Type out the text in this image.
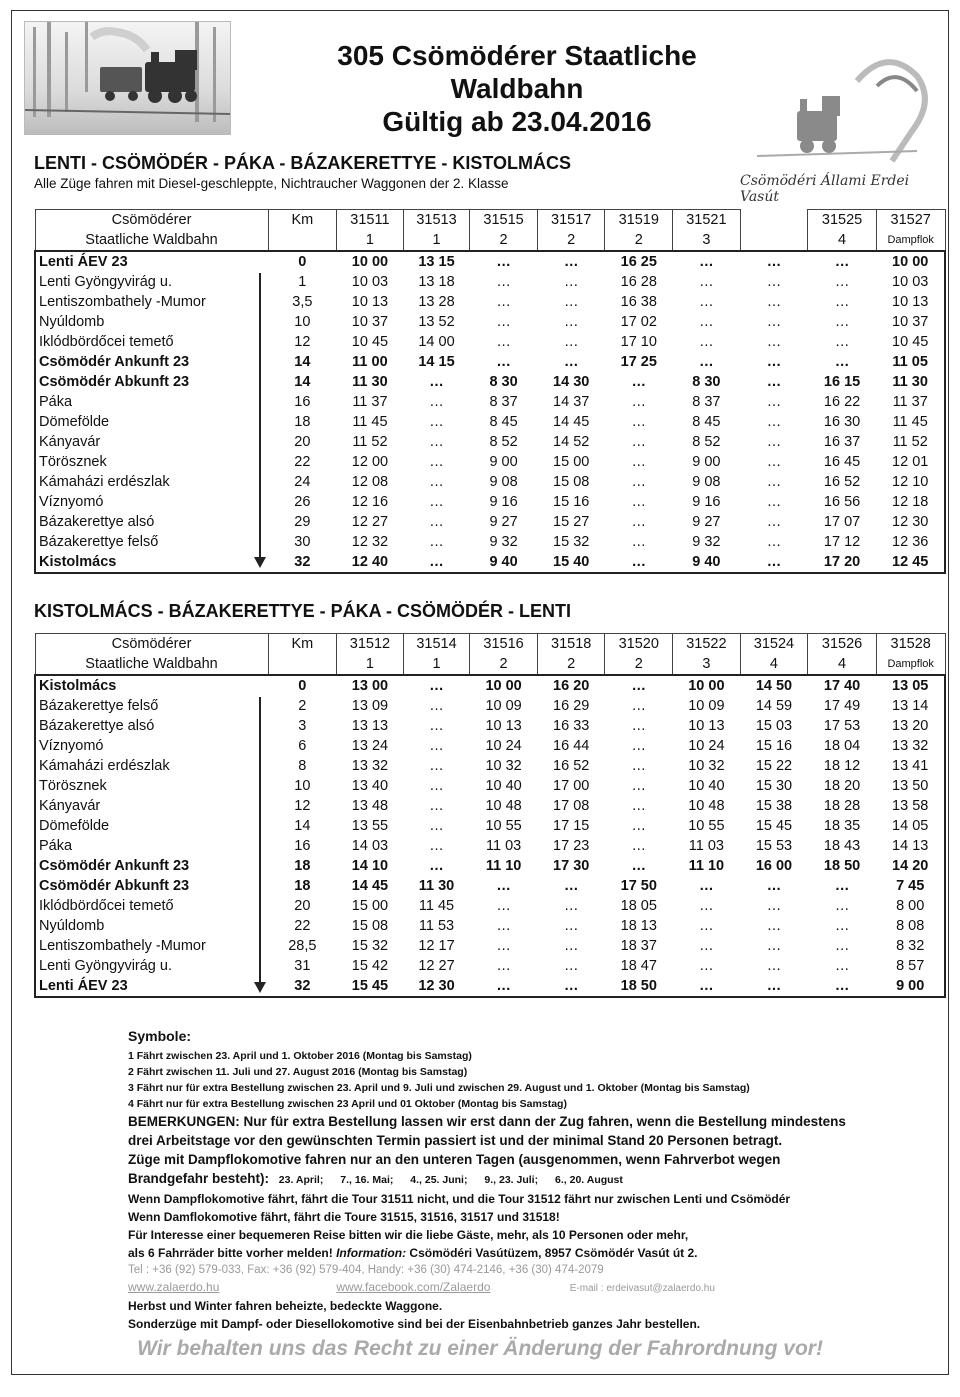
305 Csömödérer Staatliche Waldbahn
Gültig ab 23.04.2016
Csömödéri Állami Erdei Vasút
LENTI - CSÖMÖDÉR - PÁKA - BÁZAKERETTYE - KISTOLMÁCS
Alle Züge fahren mit Diesel-geschleppte, Nichtraucher Waggonen der 2. Klasse
Csömödérer	Km	31511	31513	31515	31517	31519	31521		31525	31527
Staatliche Waldbahn		1	1	2	2	2	3		4	Dampflok
Lenti ÁEV 23	0	10 00	13 15	…	…	16 25	…	…	…	10 00
Lenti Gyöngyvirág u.	1	10 03	13 18	…	…	16 28	…	…	…	10 03
Lentiszombathely -Mumor	3,5	10 13	13 28	…	…	16 38	…	…	…	10 13
Nyúldomb	10	10 37	13 52	…	…	17 02	…	…	…	10 37
Iklódbördőcei temető	12	10 45	14 00	…	…	17 10	…	…	…	10 45
Csömödér Ankunft 23	14	11 00	14 15	…	…	17 25	…	…	…	11 05
Csömödér Abkunft 23	14	11 30	…	8 30	14 30	…	8 30	…	16 15	11 30
Páka	16	11 37	…	8 37	14 37	…	8 37	…	16 22	11 37
Dömefölde	18	11 45	…	8 45	14 45	…	8 45	…	16 30	11 45
Kányavár	20	11 52	…	8 52	14 52	…	8 52	…	16 37	11 52
Törösznek	22	12 00	…	9 00	15 00	…	9 00	…	16 45	12 01
Kámaházi erdészlak	24	12 08	…	9 08	15 08	…	9 08	…	16 52	12 10
Víznyomó	26	12 16	…	9 16	15 16	…	9 16	…	16 56	12 18
Bázakerettye alsó	29	12 27	…	9 27	15 27	…	9 27	…	17 07	12 30
Bázakerettye felső	30	12 32	…	9 32	15 32	…	9 32	…	17 12	12 36
Kistolmács	32	12 40	…	9 40	15 40	…	9 40	…	17 20	12 45
KISTOLMÁCS - BÁZAKERETTYE - PÁKA - CSÖMÖDÉR - LENTI
Csömödérer	Km	31512	31514	31516	31518	31520	31522	31524	31526	31528
Staatliche Waldbahn		1	1	2	2	2	3	4	4	Dampflok
Kistolmács	0	13 00	…	10 00	16 20	…	10 00	14 50	17 40	13 05
Bázakerettye felső	2	13 09	…	10 09	16 29	…	10 09	14 59	17 49	13 14
Bázakerettye alsó	3	13 13	…	10 13	16 33	…	10 13	15 03	17 53	13 20
Víznyomó	6	13 24	…	10 24	16 44	…	10 24	15 16	18 04	13 32
Kámaházi erdészlak	8	13 32	…	10 32	16 52	…	10 32	15 22	18 12	13 41
Törösznek	10	13 40	…	10 40	17 00	…	10 40	15 30	18 20	13 50
Kányavár	12	13 48	…	10 48	17 08	…	10 48	15 38	18 28	13 58
Dömefölde	14	13 55	…	10 55	17 15	…	10 55	15 45	18 35	14 05
Páka	16	14 03	…	11 03	17 23	…	11 03	15 53	18 43	14 13
Csömödér Ankunft 23	18	14 10	…	11 10	17 30	…	11 10	16 00	18 50	14 20
Csömödér Abkunft 23	18	14 45	11 30	…	…	17 50	…	…	…	7 45
Iklódbördőcei temető	20	15 00	11 45	…	…	18 05	…	…	…	8 00
Nyúldomb	22	15 08	11 53	…	…	18 13	…	…	…	8 08
Lentiszombathely -Mumor	28,5	15 32	12 17	…	…	18 37	…	…	…	8 32
Lenti Gyöngyvirág u.	31	15 42	12 27	…	…	18 47	…	…	…	8 57
Lenti ÁEV 23	32	15 45	12 30	…	…	18 50	…	…	…	9 00
Symbole:
1 Fährt zwischen 23. April und 1. Oktober 2016 (Montag bis Samstag)
2 Fährt zwischen 11. Juli und 27. August 2016 (Montag bis Samstag)
3 Fährt nur für extra Bestellung zwischen 23. April und 9. Juli und zwischen 29. August und 1. Oktober (Montag bis Samstag)
4 Fährt nur für extra Bestellung zwischen 23 April und 01 Oktober (Montag bis Samstag)
BEMERKUNGEN: Nur für extra Bestellung lassen wir erst dann der Zug fahren, wenn die Bestellung mindestens
drei Arbeitstage vor den gewünschten Termin passiert ist und der minimal Stand 20 Personen betragt.
Züge mit Dampflokomotive fahren nur an den unteren Tagen (ausgenommen, wenn Fahrverbot wegen
Brandgefahr besteht): 23. April; 7., 16. Mai; 4., 25. Juni; 9., 23. Juli; 6., 20. August
Wenn Dampflokomotive fährt, fährt die Tour 31511 nicht, und die Tour 31512 fährt nur zwischen Lenti und Csömödér
Wenn Damflokomotive fährt, fährt die Toure 31515, 31516, 31517 und 31518!
Für Interesse einer bequemeren Reise bitten wir die liebe Gäste, mehr, als 10 Personen oder mehr,
als 6 Fahrräder bitte vorher melden! Information: Csömödéri Vasútüzem, 8957 Csömödér Vasút út 2.
Tel : +36 (92) 579-033, Fax: +36 (92) 579-404, Handy: +36 (30) 474-2146, +36 (30) 474-2079
www.zalaerdo.hu	www.facebook.com/Zalaerdo	E-mail : erdeivasut@zalaerdo.hu
Herbst und Winter fahren beheizte, bedeckte Waggone.
Sonderzüge mit Dampf- oder Diesellokomotive sind bei der Eisenbahnbetrieb ganzes Jahr bestellen.
Wir behalten uns das Recht zu einer Änderung der Fahrordnung vor!
